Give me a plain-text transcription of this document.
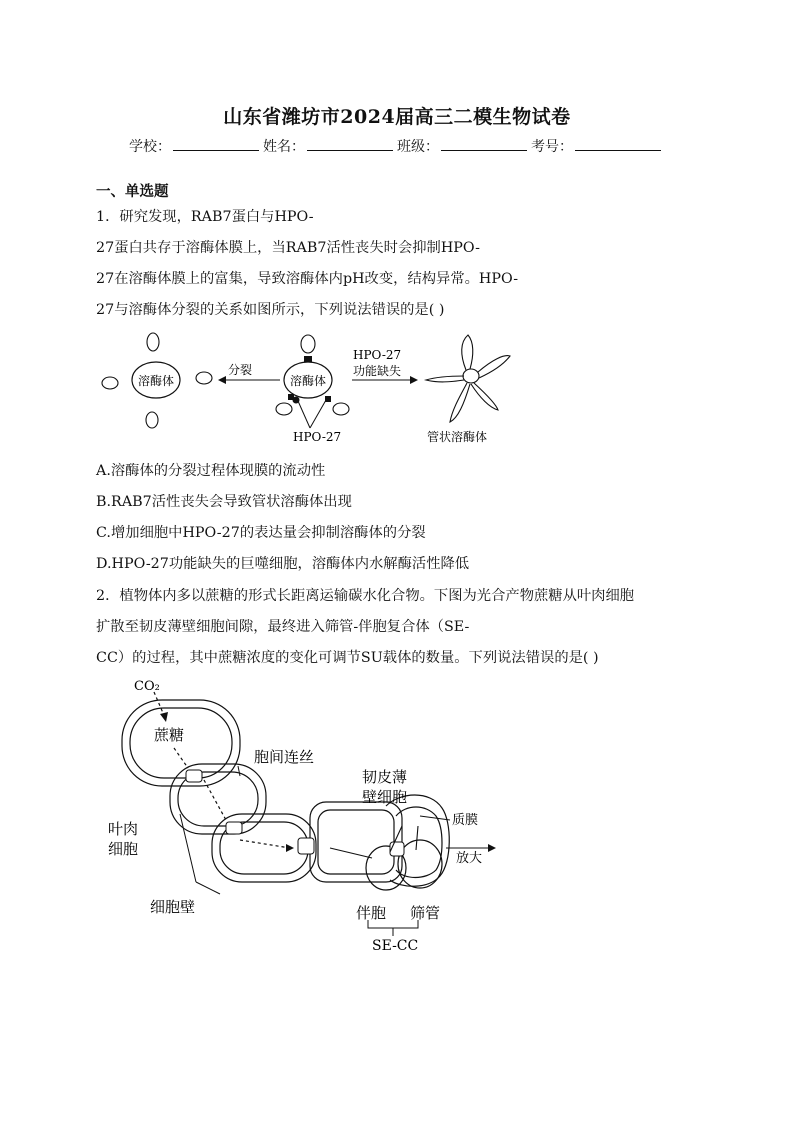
山东省潍坊市2024届高三二模生物试卷
学校：	姓名：	班级：	考号：
一、单选题
1．研究发现，RAB7蛋白与HPO-
27蛋白共存于溶酶体膜上，当RAB7活性丧失时会抑制HPO-
27在溶酶体膜上的富集，导致溶酶体内pH改变，结构异常。HPO-
27与溶酶体分裂的关系如图所示，下列说法错误的是( )
溶酶体
分裂
溶酶体
HPO-27
HPO-27
功能缺失
管状溶酶体
A.溶酶体的分裂过程体现膜的流动性
B.RAB7活性丧失会导致管状溶酶体出现
C.增加细胞中HPO-27的表达量会抑制溶酶体的分裂
D.HPO-27功能缺失的巨噬细胞，溶酶体内水解酶活性降低
2．植物体内多以蔗糖的形式长距离运输碳水化合物。下图为光合产物蔗糖从叶肉细胞
扩散至韧皮薄壁细胞间隙，最终进入筛管-伴胞复合体（SE-
CC）的过程，其中蔗糖浓度的变化可调节SU载体的数量。下列说法错误的是( )
CO₂
蔗糖
胞间连丝
韧皮薄
壁细胞
质膜
放大
叶肉
细胞
细胞壁	伴胞 筛管
SE-CC
